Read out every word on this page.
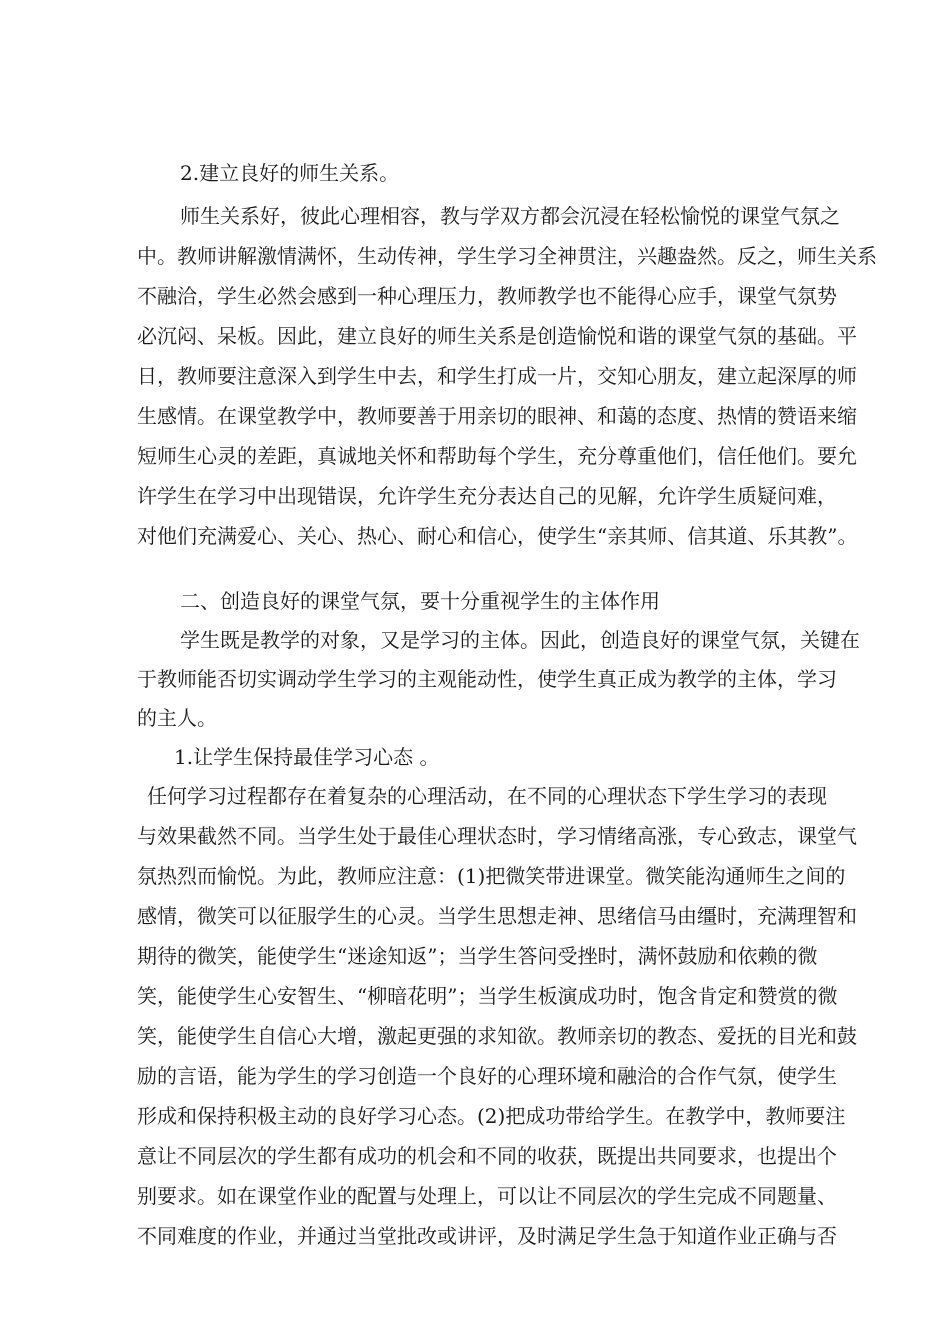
2.建立良好的师生关系。
师生关系好，彼此心理相容，教与学双方都会沉浸在轻松愉悦的课堂气氛之
中。教师讲解激情满怀，生动传神，学生学习全神贯注，兴趣盎然。反之，师生关系
不融洽，学生必然会感到一种心理压力，教师教学也不能得心应手，课堂气氛势
必沉闷、呆板。因此，建立良好的师生关系是创造愉悦和谐的课堂气氛的基础。平
日，教师要注意深入到学生中去，和学生打成一片，交知心朋友，建立起深厚的师
生感情。在课堂教学中，教师要善于用亲切的眼神、和蔼的态度、热情的赞语来缩
短师生心灵的差距，真诚地关怀和帮助每个学生，充分尊重他们，信任他们。要允
许学生在学习中出现错误，允许学生充分表达自己的见解，允许学生质疑问难，
对他们充满爱心、关心、热心、耐心和信心，使学生“亲其师、信其道、乐其教”。
二、创造良好的课堂气氛，要十分重视学生的主体作用
学生既是教学的对象，又是学习的主体。因此，创造良好的课堂气氛，关键在
于教师能否切实调动学生学习的主观能动性，使学生真正成为教学的主体，学习
的主人。
1.让学生保持最佳学习心态 。
任何学习过程都存在着复杂的心理活动，在不同的心理状态下学生学习的表现
与效果截然不同。当学生处于最佳心理状态时，学习情绪高涨，专心致志，课堂气
氛热烈而愉悦。为此，教师应注意：(1)把微笑带进课堂。微笑能沟通师生之间的
感情，微笑可以征服学生的心灵。当学生思想走神、思绪信马由缰时，充满理智和
期待的微笑，能使学生“迷途知返”；当学生答问受挫时，满怀鼓励和依赖的微
笑，能使学生心安智生、“柳暗花明”；当学生板演成功时，饱含肯定和赞赏的微
笑，能使学生自信心大增，激起更强的求知欲。教师亲切的教态、爱抚的目光和鼓
励的言语，能为学生的学习创造一个良好的心理环境和融洽的合作气氛，使学生
形成和保持积极主动的良好学习心态。(2)把成功带给学生。在教学中，教师要注
意让不同层次的学生都有成功的机会和不同的收获，既提出共同要求，也提出个
别要求。如在课堂作业的配置与处理上，可以让不同层次的学生完成不同题量、
不同难度的作业，并通过当堂批改或讲评，及时满足学生急于知道作业正确与否
